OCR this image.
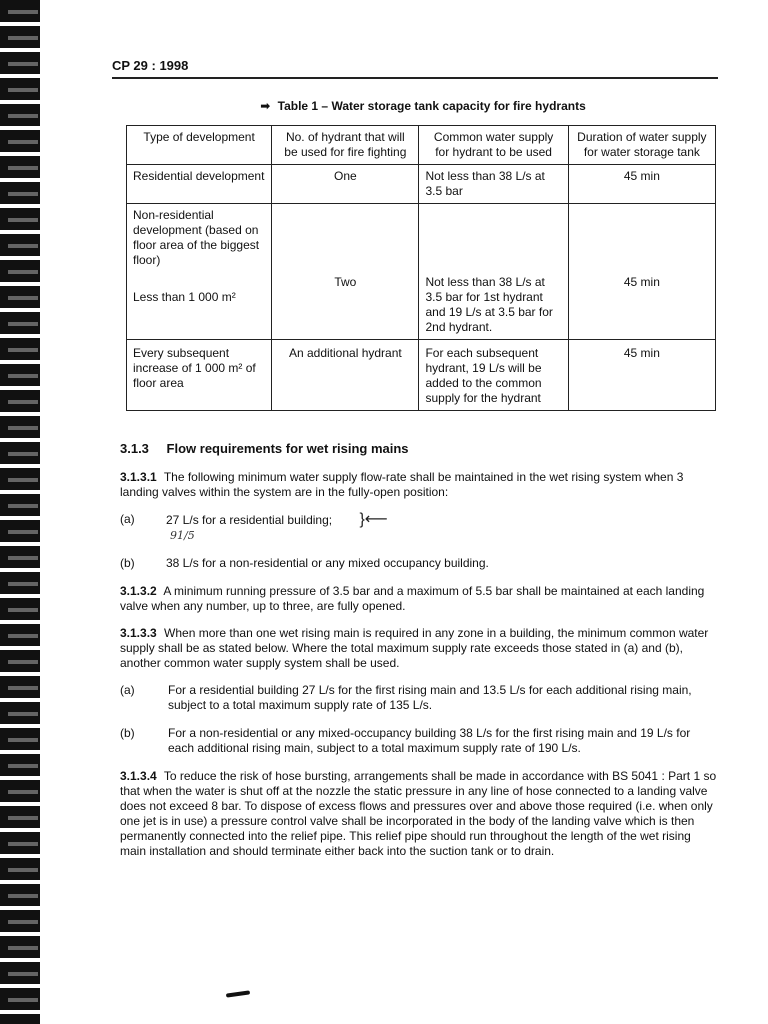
CP 29 : 1998

➡ Table 1 – Water storage tank capacity for fire hydrants
Type of development	No. of hydrant that will be used for fire fighting	Common water supply for hydrant to be used	Duration of water supply for water storage tank
Residential development	One	Not less than 38 L/s at 3.5 bar	45 min
Non-residential development (based on floor area of the biggest floor)
Less than 1 000 m²	Two	Not less than 38 L/s at 3.5 bar for 1st hydrant and 19 L/s at 3.5 bar for 2nd hydrant.	45 min

Every subsequent increase of 1 000 m² of floor area	An additional hydrant	For each subsequent hydrant, 19 L/s will be added to the common supply for the hydrant	45 min
3.1.3 Flow requirements for wet rising mains

3.1.3.1 The following minimum water supply flow-rate shall be maintained in the wet rising system when 3 landing valves within the system are in the fully-open position:

(a)	27 L/s for a residential building; }⟵
91/5
(b)	38 L/s for a non-residential or any mixed occupancy building.

3.1.3.2 A minimum running pressure of 3.5 bar and a maximum of 5.5 bar shall be maintained at each landing valve when any number, up to three, are fully opened.

3.1.3.3 When more than one wet rising main is required in any zone in a building, the minimum common water supply shall be as stated below. Where the total maximum supply rate exceeds those stated in (a) and (b), another common water supply system shall be used.

(a)	For a residential building 27 L/s for the first rising main and 13.5 L/s for each additional rising main, subject to a total maximum supply rate of 135 L/s.
(b)	For a non-residential or any mixed-occupancy building 38 L/s for the first rising main and 19 L/s for each additional rising main, subject to a total maximum supply rate of 190 L/s.

3.1.3.4 To reduce the risk of hose bursting, arrangements shall be made in accordance with BS 5041 : Part 1 so that when the water is shut off at the nozzle the static pressure in any line of hose connected to a landing valve does not exceed 8 bar. To dispose of excess flows and pressures over and above those required (i.e. when only one jet is in use) a pressure control valve shall be incorporated in the body of the landing valve which is then permanently connected into the relief pipe. This relief pipe should run throughout the length of the wet rising main installation and should terminate either back into the suction tank or to drain.
